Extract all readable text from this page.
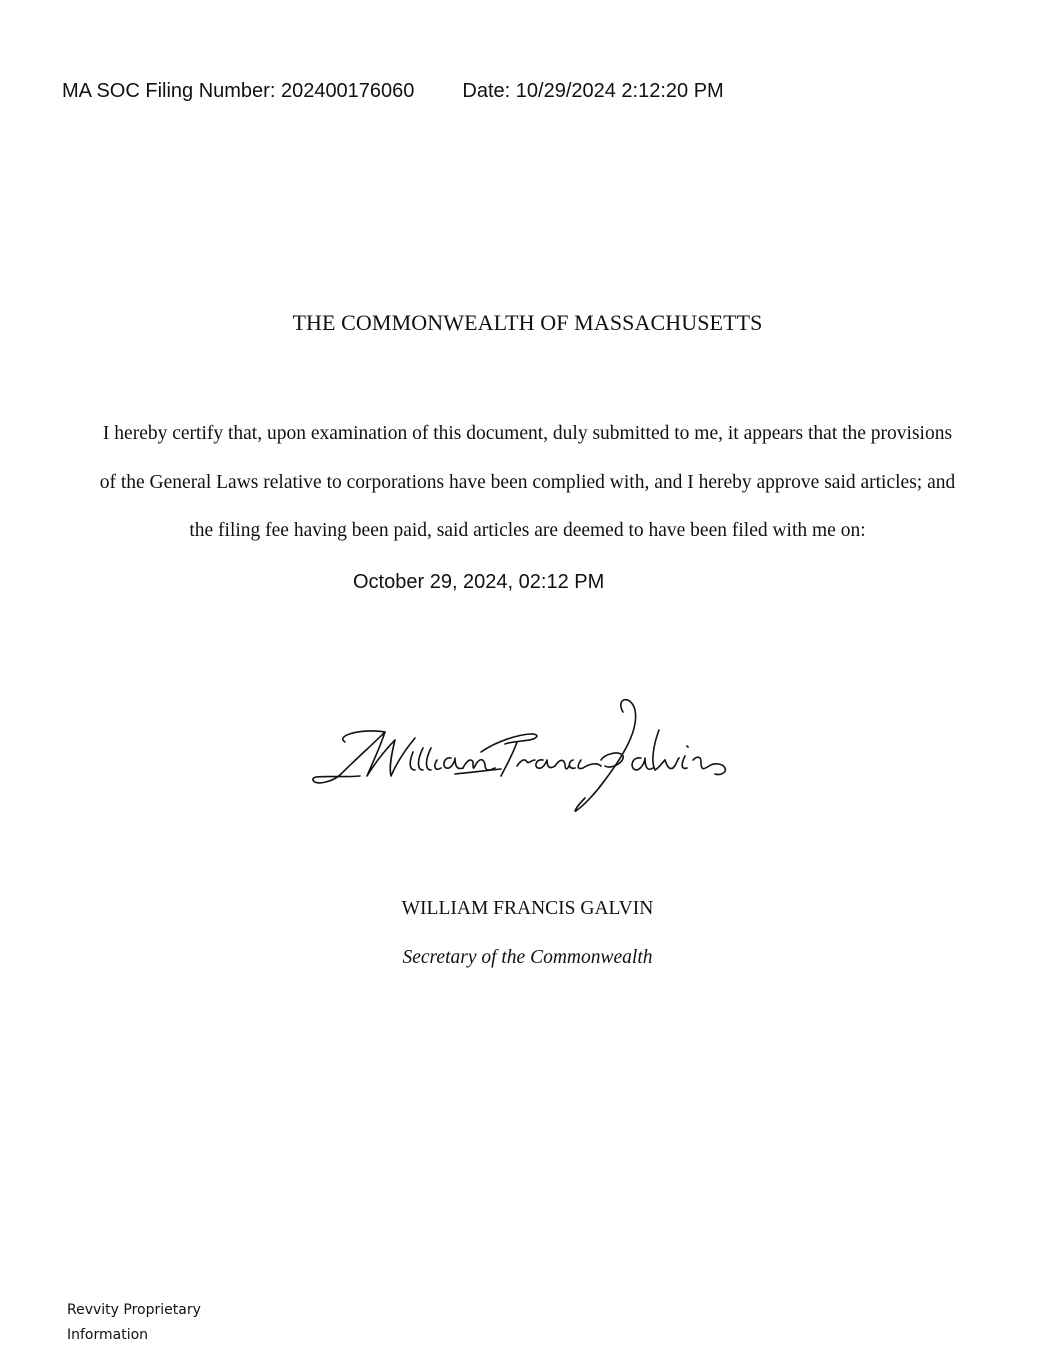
MA SOC Filing Number: 202400176060 Date: 10/29/2024 2:12:20 PM
THE COMMONWEALTH OF MASSACHUSETTS
I hereby certify that, upon examination of this document, duly submitted to me, it appears that the provisions
of the General Laws relative to corporations have been complied with, and I hereby approve said articles; and
the filing fee having been paid, said articles are deemed to have been filed with me on:
October 29, 2024, 02:12 PM
WILLIAM FRANCIS GALVIN
Secretary of the Commonwealth
Revvity Proprietary
Information
